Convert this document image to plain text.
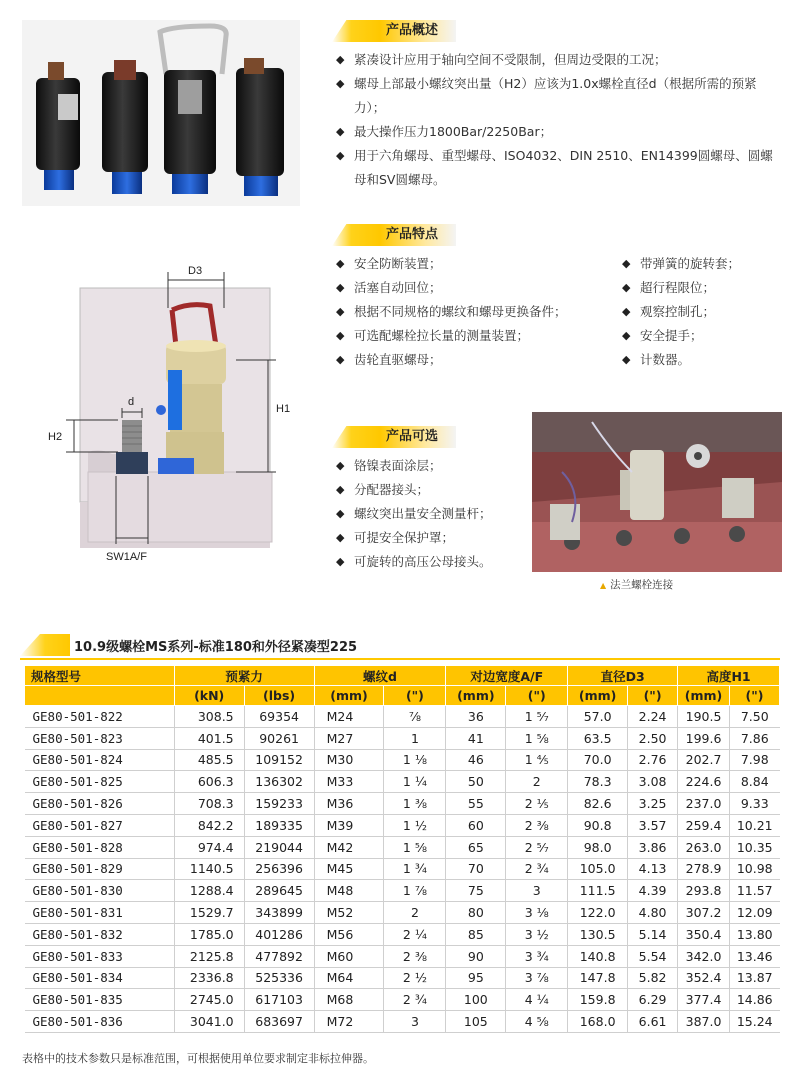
产品概述
◆ 紧凑设计应用于轴向空间不受限制，但周边受限的工况；
◆ 螺母上部最小螺纹突出量（H2）应该为1.0x螺栓直径d（根据所需的预紧力）；
◆ 最大操作压力1800Bar/2250Bar；
◆ 用于六角螺母、重型螺母、ISO4032、DIN 2510、EN14399圆螺母、圆螺母和SV圆螺母。
D3
H1
d
H2
SW1A/F
产品特点
◆ 安全防断装置；
◆ 活塞自动回位；
◆ 根据不同规格的螺纹和螺母更换备件；
◆ 可选配螺栓拉长量的测量装置；
◆ 齿轮直驱螺母；
◆ 带弹簧的旋转套；
◆ 超行程限位；
◆ 观察控制孔；
◆ 安全提手；
◆ 计数器。
产品可选
◆ 铬镍表面涂层；
◆ 分配器接头；
◆ 螺纹突出量安全测量杆；
◆ 可提安全保护罩；
◆ 可旋转的高压公母接头。
▲ 法兰螺栓连接
10.9级螺栓MS系列-标准180和外径紧凑型225
规格型号	预紧力		螺纹d		对边宽度A/F		直径D3		高度H1	
	(kN)	(lbs)	(mm)	(")	(mm)	(")	(mm)	(")	(mm)	(")
GE80-501-822	308.5	69354	M24	⅞	36	1 ⁵⁄₇	57.0	2.24	190.5	7.50
GE80-501-823	401.5	90261	M27	1	41	1 ⅝	63.5	2.50	199.6	7.86
GE80-501-824	485.5	109152	M30	1 ⅛	46	1 ⅘	70.0	2.76	202.7	7.98
GE80-501-825	606.3	136302	M33	1 ¼	50	2	78.3	3.08	224.6	8.84
GE80-501-826	708.3	159233	M36	1 ⅜	55	2 ⅕	82.6	3.25	237.0	9.33
GE80-501-827	842.2	189335	M39	1 ½	60	2 ⅜	90.8	3.57	259.4	10.21
GE80-501-828	974.4	219044	M42	1 ⅝	65	2 ⁵⁄₇	98.0	3.86	263.0	10.35
GE80-501-829	1140.5	256396	M45	1 ¾	70	2 ¾	105.0	4.13	278.9	10.98
GE80-501-830	1288.4	289645	M48	1 ⅞	75	3	111.5	4.39	293.8	11.57
GE80-501-831	1529.7	343899	M52	2	80	3 ⅛	122.0	4.80	307.2	12.09
GE80-501-832	1785.0	401286	M56	2 ¼	85	3 ½	130.5	5.14	350.4	13.80
GE80-501-833	2125.8	477892	M60	2 ⅜	90	3 ¾	140.8	5.54	342.0	13.46
GE80-501-834	2336.8	525336	M64	2 ½	95	3 ⅞	147.8	5.82	352.4	13.87
GE80-501-835	2745.0	617103	M68	2 ¾	100	4 ¼	159.8	6.29	377.4	14.86
GE80-501-836	3041.0	683697	M72	3	105	4 ⅝	168.0	6.61	387.0	15.24
表格中的技术参数只是标准范围，可根据使用单位要求制定非标拉伸器。
